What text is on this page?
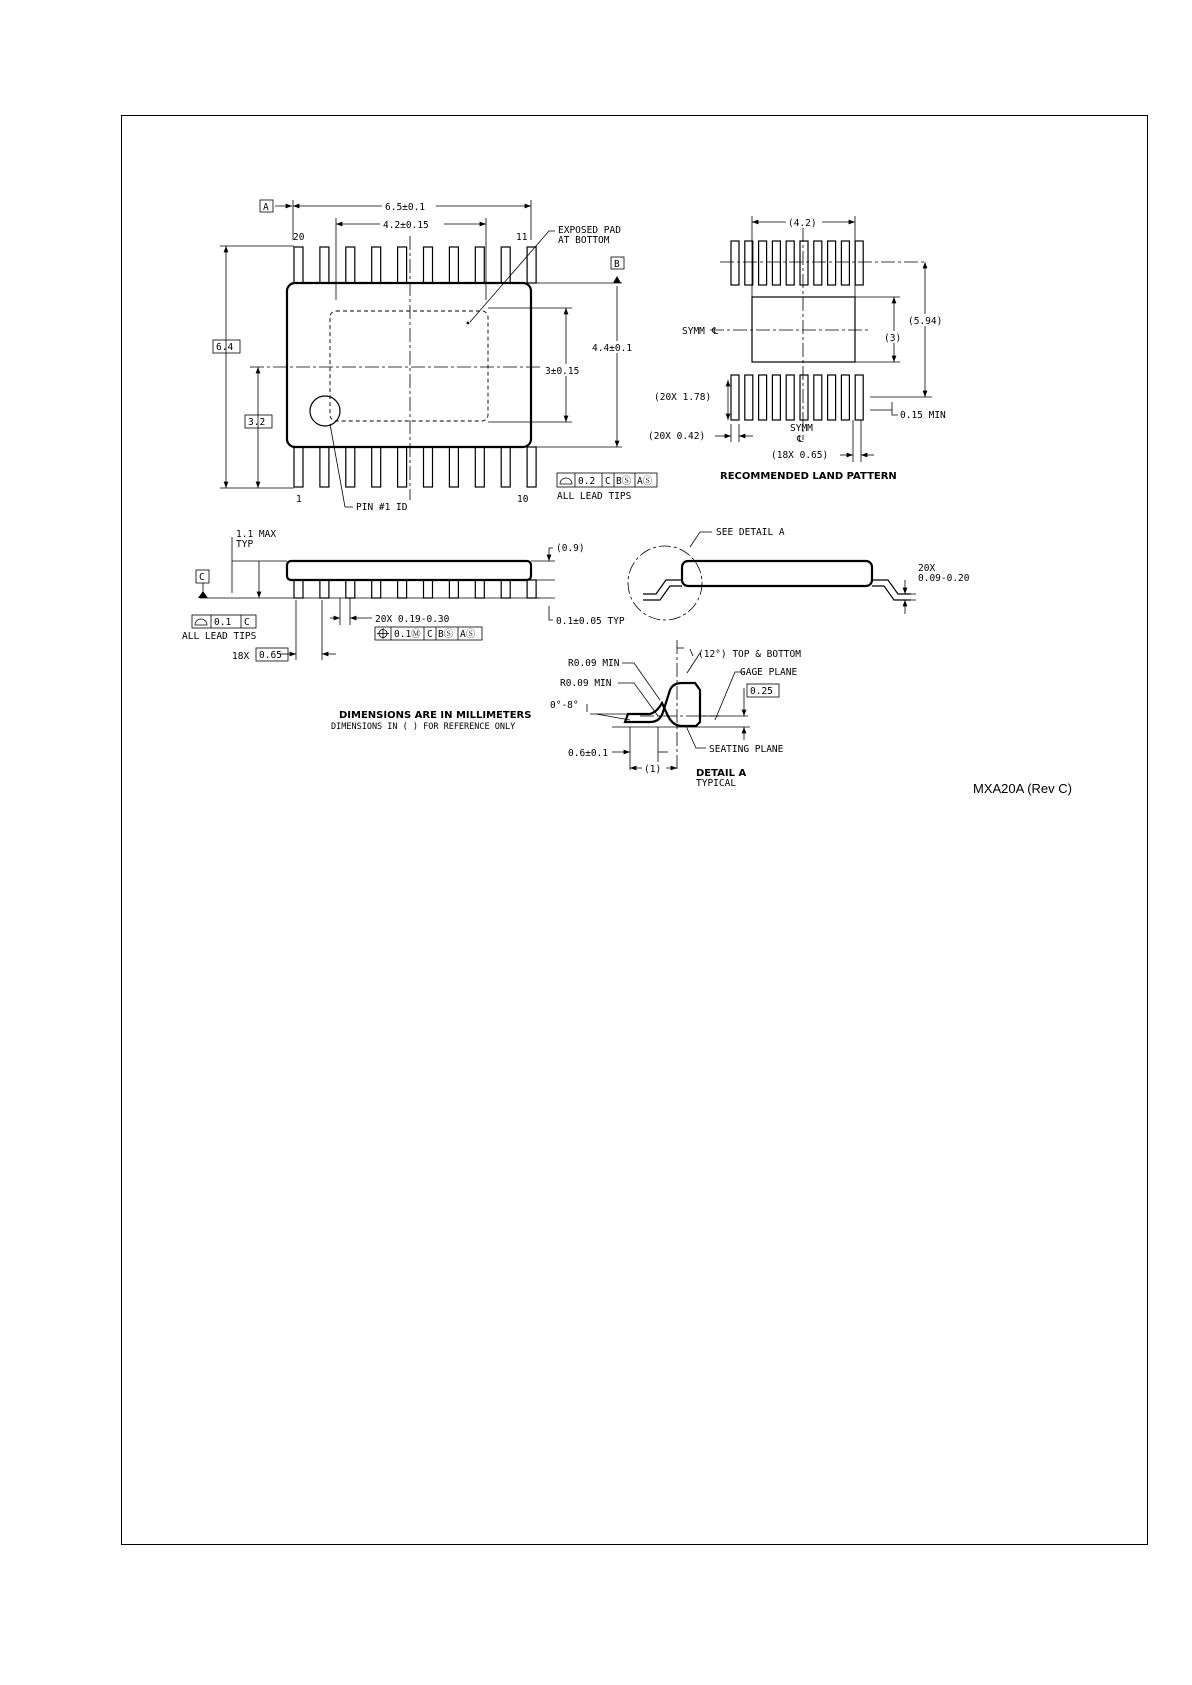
PIN #1 ID
A	6.5±0.1
4.2±0.15
20	11
1	10
EXPOSED PAD
AT BOTTOM
B
6.4
3.2
3±0.15
4.4±0.1
0.2 C BⓈ AⓈ
ALL LEAD TIPS
(4.2)
(3)
(5.94)
SYMM ℄
(20X 1.78)
0.15 MIN
(20X 0.42)
SYMM
℄
(18X 0.65)
RECOMMENDED LAND PATTERN
1.1 MAX
TYP	(0.9)
0.1±0.05 TYP
C
0.1 C
ALL LEAD TIPS
20X 0.19-0.30
0.1Ⓜ C BⓈ AⓈ
18X 0.65
SEE DETAIL A
20X
0.09-0.20
(12°) TOP & BOTTOM
R0.09 MIN
R0.09 MIN
GAGE PLANE
0.25
0°-8°
0.6±0.1	SEATING PLANE
(1)	DETAIL A
TYPICAL
DIMENSIONS ARE IN MILLIMETERS
DIMENSIONS IN ( ) FOR REFERENCE ONLY
MXA20A (Rev C)
